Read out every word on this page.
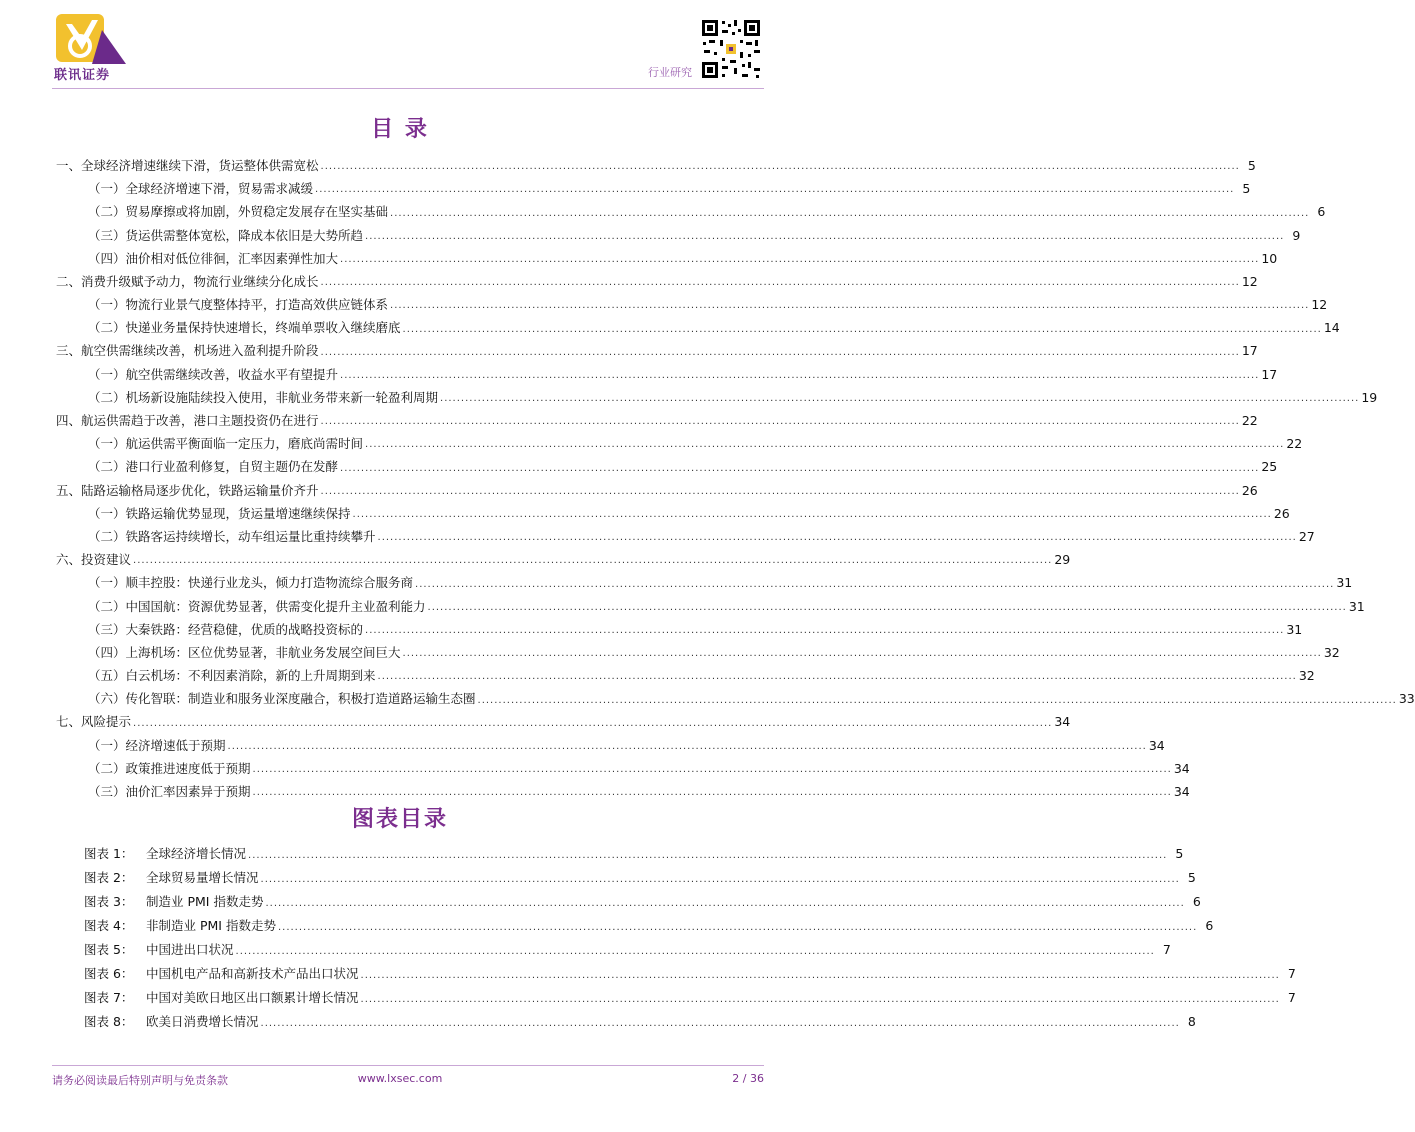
联讯证券	行业研究
目 录
一、全球经济增速继续下滑，货运整体供需宽松 ............................................................................................................................................................................................................................ 5
（一）全球经济增速下滑，贸易需求减缓 ............................................................................................................................................................................................................................ 5
（二）贸易摩擦或将加剧，外贸稳定发展存在坚实基础 ............................................................................................................................................................................................................................ 6
（三）货运供需整体宽松，降成本依旧是大势所趋 ............................................................................................................................................................................................................................ 9
（四）油价相对低位徘徊，汇率因素弹性加大 ............................................................................................................................................................................................................................ 10
二、消费升级赋予动力，物流行业继续分化成长 ............................................................................................................................................................................................................................ 12
（一）物流行业景气度整体持平，打造高效供应链体系 ............................................................................................................................................................................................................................ 12
（二）快递业务量保持快速增长，终端单票收入继续磨底 ............................................................................................................................................................................................................................ 14
三、航空供需继续改善，机场进入盈利提升阶段 ............................................................................................................................................................................................................................ 17
（一）航空供需继续改善，收益水平有望提升 ............................................................................................................................................................................................................................ 17
（二）机场新设施陆续投入使用，非航业务带来新一轮盈利周期 ............................................................................................................................................................................................................................ 19
四、航运供需趋于改善，港口主题投资仍在进行 ............................................................................................................................................................................................................................ 22
（一）航运供需平衡面临一定压力，磨底尚需时间 ............................................................................................................................................................................................................................ 22
（二）港口行业盈利修复，自贸主题仍在发酵 ............................................................................................................................................................................................................................ 25
五、陆路运输格局逐步优化，铁路运输量价齐升 ............................................................................................................................................................................................................................ 26
（一）铁路运输优势显现，货运量增速继续保持 ............................................................................................................................................................................................................................ 26
（二）铁路客运持续增长，动车组运量比重持续攀升 ............................................................................................................................................................................................................................ 27
六、投资建议 ............................................................................................................................................................................................................................ 29
（一）顺丰控股：快递行业龙头，倾力打造物流综合服务商 ............................................................................................................................................................................................................................ 31
（二）中国国航：资源优势显著，供需变化提升主业盈利能力 ............................................................................................................................................................................................................................ 31
（三）大秦铁路：经营稳健，优质的战略投资标的 ............................................................................................................................................................................................................................ 31
（四）上海机场：区位优势显著，非航业务发展空间巨大 ............................................................................................................................................................................................................................ 32
（五）白云机场：不利因素消除，新的上升周期到来 ............................................................................................................................................................................................................................ 32
（六）传化智联：制造业和服务业深度融合，积极打造道路运输生态圈 ............................................................................................................................................................................................................................ 33
七、风险提示 ............................................................................................................................................................................................................................ 34
（一）经济增速低于预期 ............................................................................................................................................................................................................................ 34
（二）政策推进速度低于预期 ............................................................................................................................................................................................................................ 34
（三）油价汇率因素异于预期 ............................................................................................................................................................................................................................ 34
图表目录
图表 1：	全球经济增长情况 ............................................................................................................................................................................................................................ 5
图表 2：	全球贸易量增长情况 ............................................................................................................................................................................................................................ 5
图表 3：	制造业 PMI 指数走势 ............................................................................................................................................................................................................................ 6
图表 4：	非制造业 PMI 指数走势 ............................................................................................................................................................................................................................ 6
图表 5：	中国进出口状况 ............................................................................................................................................................................................................................ 7
图表 6：	中国机电产品和高新技术产品出口状况 ............................................................................................................................................................................................................................ 7
图表 7：	中国对美欧日地区出口额累计增长情况 ............................................................................................................................................................................................................................ 7
图表 8：	欧美日消费增长情况 ............................................................................................................................................................................................................................ 8
请务必阅读最后特别声明与免责条款	www.lxsec.com	2 / 36
